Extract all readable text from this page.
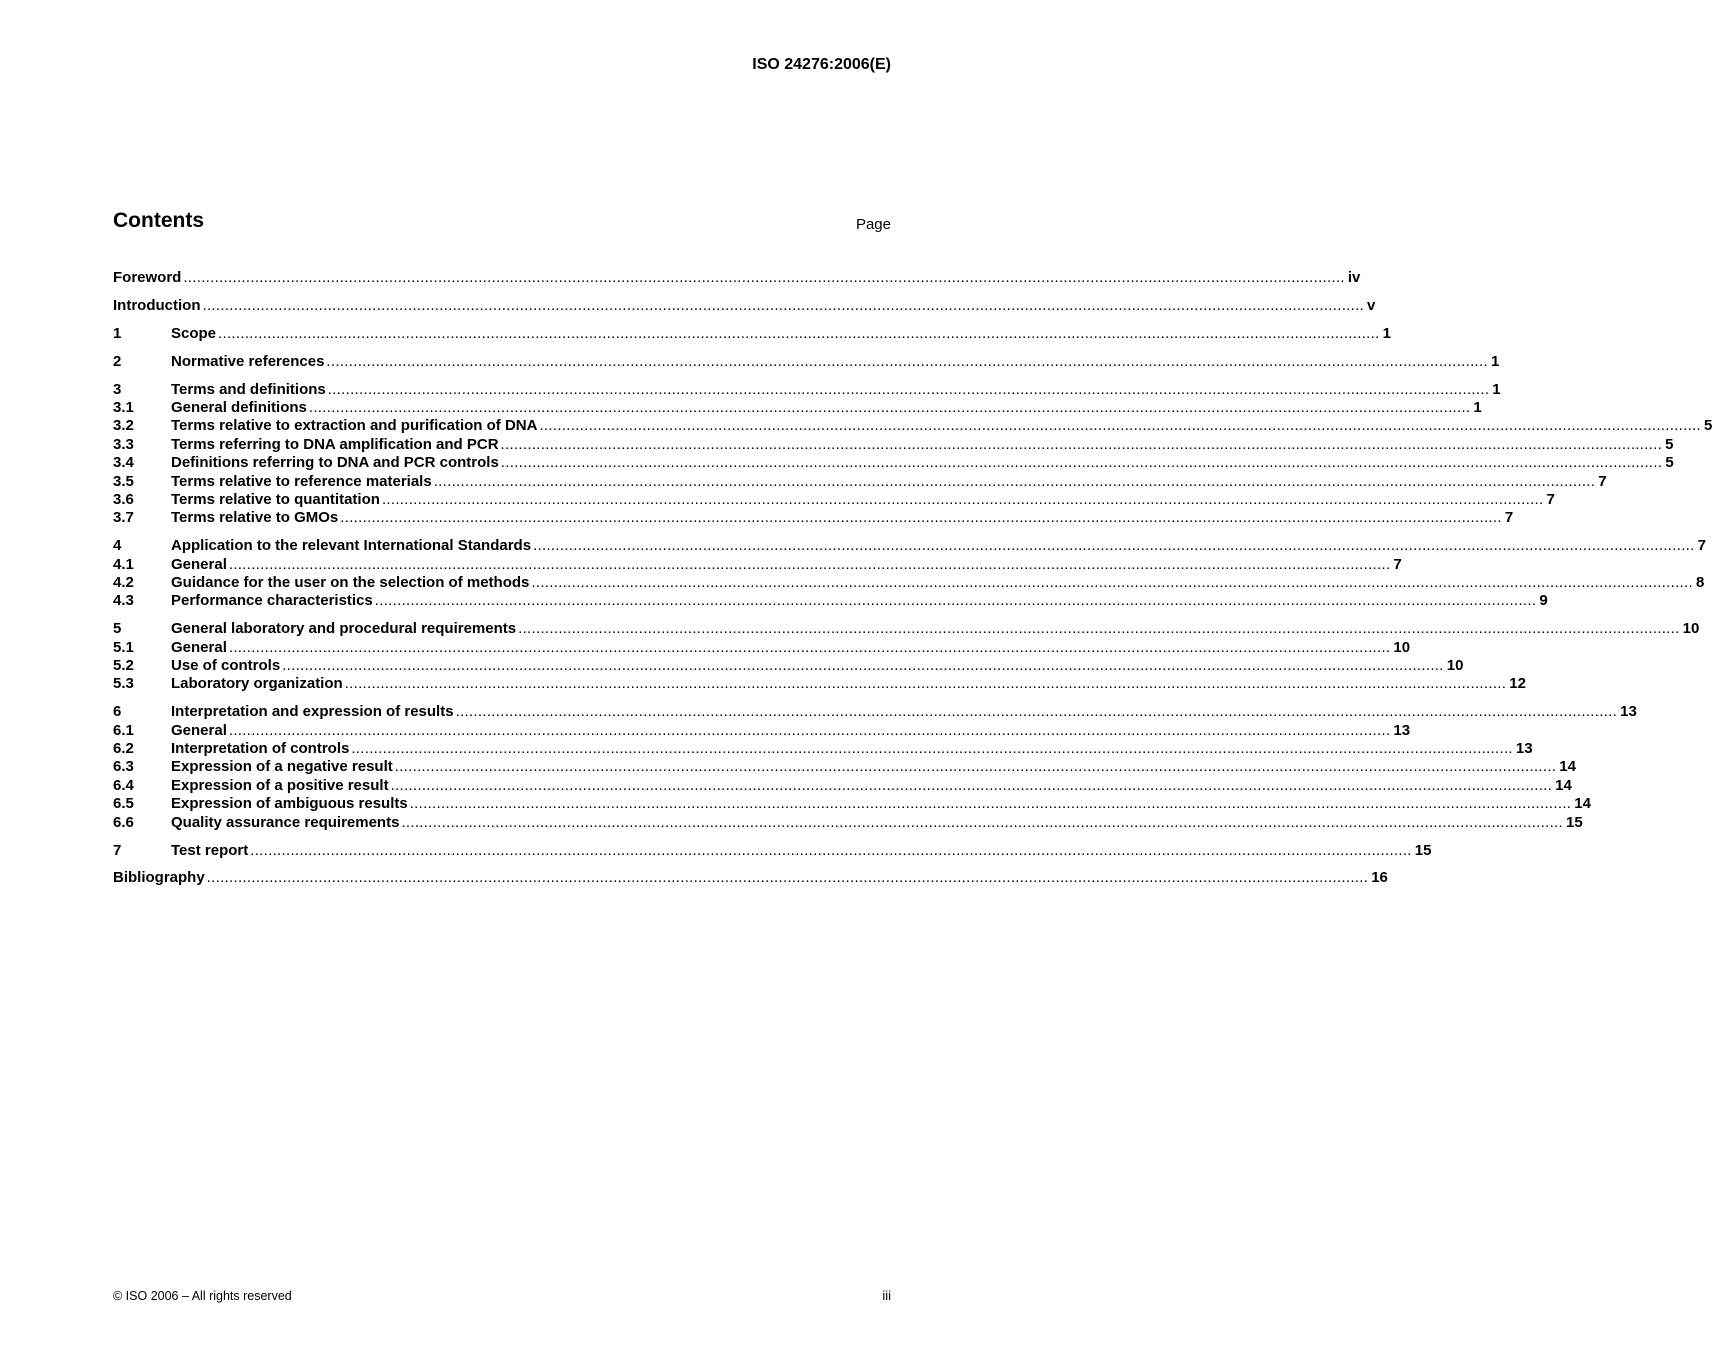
ISO 24276:2006(E)
Contents	Page
Foreword .................................................................................................................................................................................................................................................................... iv
Introduction .................................................................................................................................................................................................................................................................... v
1	Scope .................................................................................................................................................................................................................................................................... 1
2	Normative references .................................................................................................................................................................................................................................................................... 1
3	Terms and definitions .................................................................................................................................................................................................................................................................... 1
3.1	General definitions .................................................................................................................................................................................................................................................................... 1
3.2	Terms relative to extraction and purification of DNA .................................................................................................................................................................................................................................................................... 5
3.3	Terms referring to DNA amplification and PCR .................................................................................................................................................................................................................................................................... 5
3.4	Definitions referring to DNA and PCR controls .................................................................................................................................................................................................................................................................... 5
3.5	Terms relative to reference materials .................................................................................................................................................................................................................................................................... 7
3.6	Terms relative to quantitation .................................................................................................................................................................................................................................................................... 7
3.7	Terms relative to GMOs .................................................................................................................................................................................................................................................................... 7
4	Application to the relevant International Standards .................................................................................................................................................................................................................................................................... 7
4.1	General .................................................................................................................................................................................................................................................................... 7
4.2	Guidance for the user on the selection of methods .................................................................................................................................................................................................................................................................... 8
4.3	Performance characteristics .................................................................................................................................................................................................................................................................... 9
5	General laboratory and procedural requirements .................................................................................................................................................................................................................................................................... 10
5.1	General .................................................................................................................................................................................................................................................................... 10
5.2	Use of controls .................................................................................................................................................................................................................................................................... 10
5.3	Laboratory organization .................................................................................................................................................................................................................................................................... 12
6	Interpretation and expression of results .................................................................................................................................................................................................................................................................... 13
6.1	General .................................................................................................................................................................................................................................................................... 13
6.2	Interpretation of controls .................................................................................................................................................................................................................................................................... 13
6.3	Expression of a negative result .................................................................................................................................................................................................................................................................... 14
6.4	Expression of a positive result .................................................................................................................................................................................................................................................................... 14
6.5	Expression of ambiguous results .................................................................................................................................................................................................................................................................... 14
6.6	Quality assurance requirements .................................................................................................................................................................................................................................................................... 15
7	Test report .................................................................................................................................................................................................................................................................... 15
Bibliography .................................................................................................................................................................................................................................................................... 16
© ISO 2006 – All rights reserved	iii
